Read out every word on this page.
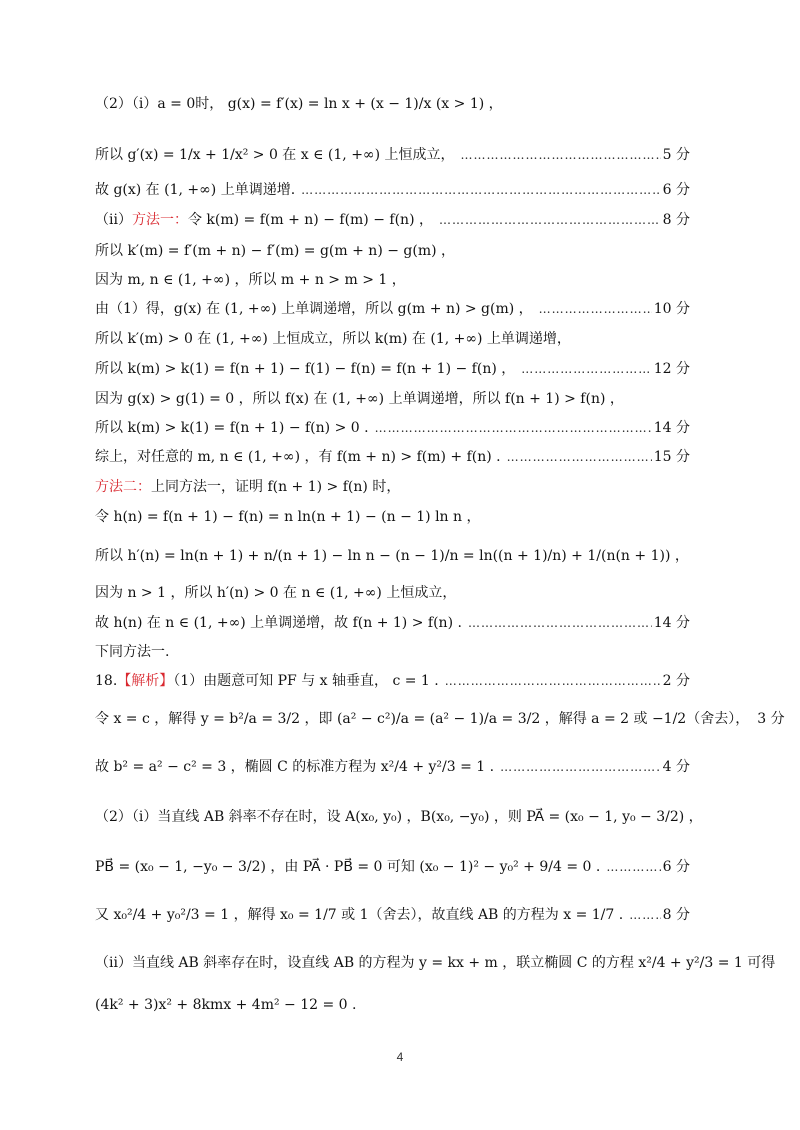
（2）（i）a = 0时， g(x) = f′(x) = ln x + (x − 1)/x (x > 1) ，
所以 g′(x) = 1/x + 1/x² > 0 在 x ∈ (1, +∞) 上恒成立， ……………………………………………………………………………………………………………………………………	5 分
故 g(x) 在 (1, +∞) 上单调递增. ……………………………………………………………………………………………………………………………………	6 分
（ii）方法一：令 k(m) = f(m + n) − f(m) − f(n) ， ……………………………………………………………………………………………………………………………………	8 分
所以 k′(m) = f′(m + n) − f′(m) = g(m + n) − g(m) ，
因为 m, n ∈ (1, +∞) ，所以 m + n > m > 1 ，
由（1）得，g(x) 在 (1, +∞) 上单调递增，所以 g(m + n) > g(m) ， ……………………………………………………………………………………………………………………………………	10 分
所以 k′(m) > 0 在 (1, +∞) 上恒成立，所以 k(m) 在 (1, +∞) 上单调递增，
所以 k(m) > k(1) = f(n + 1) − f(1) − f(n) = f(n + 1) − f(n) ， ……………………………………………………………………………………………………………………………………	12 分
因为 g(x) > g(1) = 0 ，所以 f(x) 在 (1, +∞) 上单调递增，所以 f(n + 1) > f(n) ，
所以 k(m) > k(1) = f(n + 1) − f(n) > 0 . ……………………………………………………………………………………………………………………………………	14 分
综上，对任意的 m, n ∈ (1, +∞) ，有 f(m + n) > f(m) + f(n) . ……………………………………………………………………………………………………………………………………	15 分
方法二：上同方法一，证明 f(n + 1) > f(n) 时，
令 h(n) = f(n + 1) − f(n) = n ln(n + 1) − (n − 1) ln n ，
所以 h′(n) = ln(n + 1) + n/(n + 1) − ln n − (n − 1)/n = ln((n + 1)/n) + 1/(n(n + 1)) ，
因为 n > 1 ，所以 h′(n) > 0 在 n ∈ (1, +∞) 上恒成立，
故 h(n) 在 n ∈ (1, +∞) 上单调递增，故 f(n + 1) > f(n) . ……………………………………………………………………………………………………………………………………	14 分
下同方法一.
18.【解析】（1）由题意可知 PF 与 x 轴垂直， c = 1 . ……………………………………………………………………………………………………………………………………	2 分
令 x = c ，解得 y = b²/a = 3/2 ，即 (a² − c²)/a = (a² − 1)/a = 3/2 ，解得 a = 2 或 −1/2（舍去）， 3 分
故 b² = a² − c² = 3 ，椭圆 C 的标准方程为 x²/4 + y²/3 = 1 . ……………………………………………………………………………………………………………………………………	4 分
（2）（i）当直线 AB 斜率不存在时，设 A(x₀, y₀) ，B(x₀, −y₀) ，则 PA⃗ = (x₀ − 1, y₀ − 3/2) ，
PB⃗ = (x₀ − 1, −y₀ − 3/2) ，由 PA⃗ · PB⃗ = 0 可知 (x₀ − 1)² − y₀² + 9/4 = 0 . ……………………………………………………………………………………………………………………………………	6 分
又 x₀²/4 + y₀²/3 = 1 ，解得 x₀ = 1/7 或 1（舍去），故直线 AB 的方程为 x = 1/7 . ……………………………………………………………………………………………………………………………………	8 分
（ii）当直线 AB 斜率存在时，设直线 AB 的方程为 y = kx + m ，联立椭圆 C 的方程 x²/4 + y²/3 = 1 可得
(4k² + 3)x² + 8kmx + 4m² − 12 = 0 .
4
